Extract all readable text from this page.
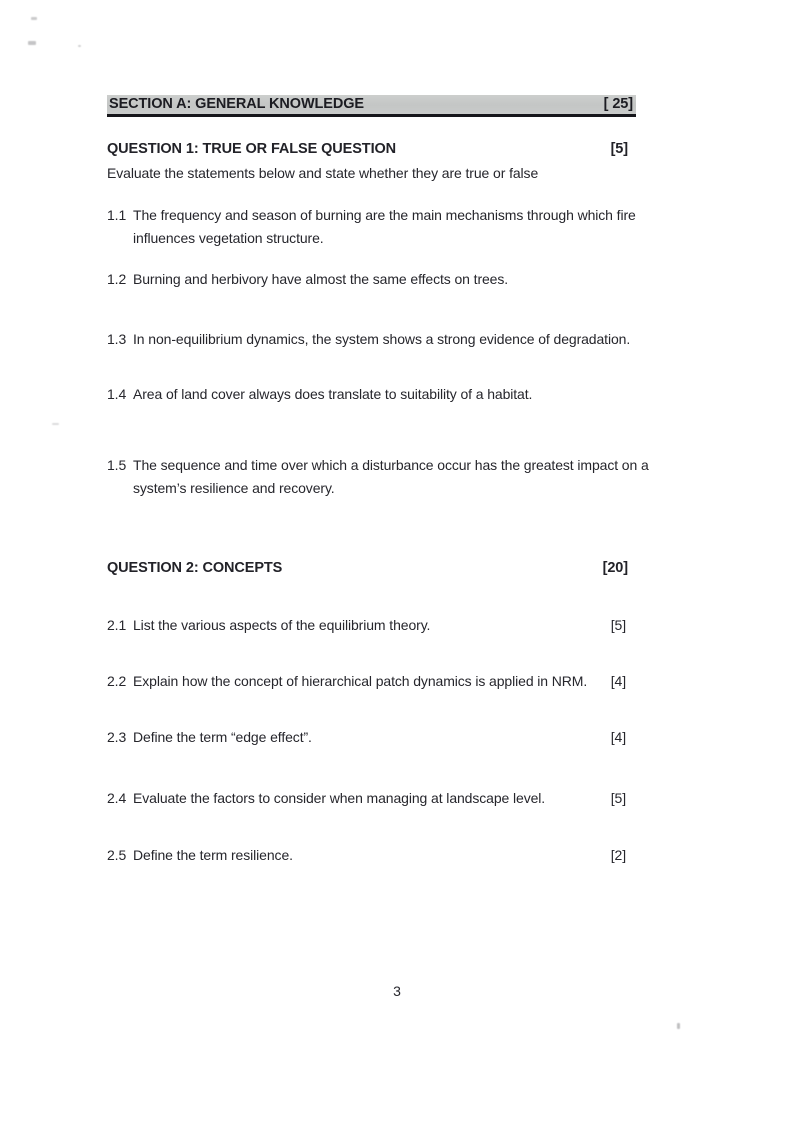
SECTION A: GENERAL KNOWLEDGE	[ 25]
QUESTION 1: TRUE OR FALSE QUESTION	[5]
Evaluate the statements below and state whether they are true or false
1.1 The frequency and season of burning are the main mechanisms through which fire influences vegetation structure.
1.2 Burning and herbivory have almost the same effects on trees.
1.3 In non-equilibrium dynamics, the system shows a strong evidence of degradation.
1.4 Area of land cover always does translate to suitability of a habitat.
1.5 The sequence and time over which a disturbance occur has the greatest impact on a system’s resilience and recovery.
QUESTION 2: CONCEPTS	[20]
2.1 List the various aspects of the equilibrium theory.	[5]
2.2 Explain how the concept of hierarchical patch dynamics is applied in NRM.	[4]
2.3 Define the term “edge effect”.	[4]
2.4 Evaluate the factors to consider when managing at landscape level.	[5]
2.5 Define the term resilience.	[2]
3
